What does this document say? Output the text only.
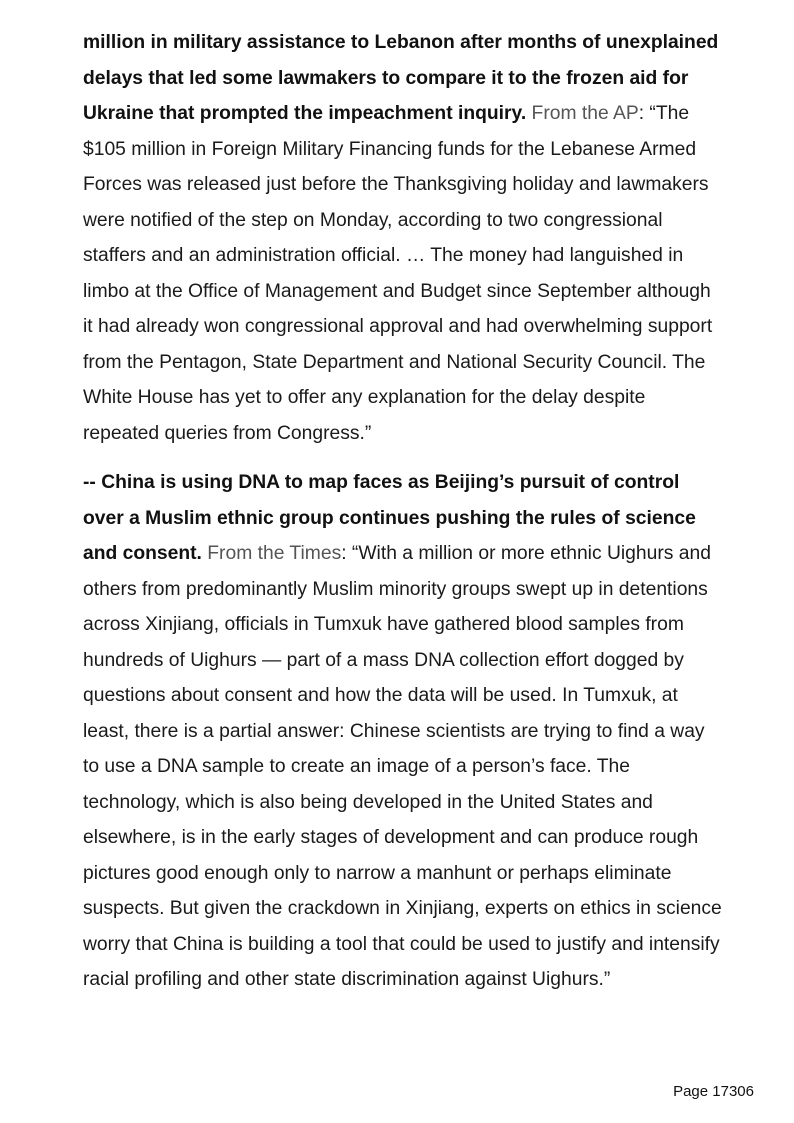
million in military assistance to Lebanon after months of unexplained delays that led some lawmakers to compare it to the frozen aid for Ukraine that prompted the impeachment inquiry. From the AP: “The $105 million in Foreign Military Financing funds for the Lebanese Armed Forces was released just before the Thanksgiving holiday and lawmakers were notified of the step on Monday, according to two congressional staffers and an administration official. … The money had languished in limbo at the Office of Management and Budget since September although it had already won congressional approval and had overwhelming support from the Pentagon, State Department and National Security Council. The White House has yet to offer any explanation for the delay despite repeated queries from Congress.”

-- China is using DNA to map faces as Beijing’s pursuit of control over a Muslim ethnic group continues pushing the rules of science and consent. From the Times: “With a million or more ethnic Uighurs and others from predominantly Muslim minority groups swept up in detentions across Xinjiang, officials in Tumxuk have gathered blood samples from hundreds of Uighurs — part of a mass DNA collection effort dogged by questions about consent and how the data will be used. In Tumxuk, at least, there is a partial answer: Chinese scientists are trying to find a way to use a DNA sample to create an image of a person’s face. The technology, which is also being developed in the United States and elsewhere, is in the early stages of development and can produce rough pictures good enough only to narrow a manhunt or perhaps eliminate suspects. But given the crackdown in Xinjiang, experts on ethics in science worry that China is building a tool that could be used to justify and intensify racial profiling and other state discrimination against Uighurs.”

Page 17306
